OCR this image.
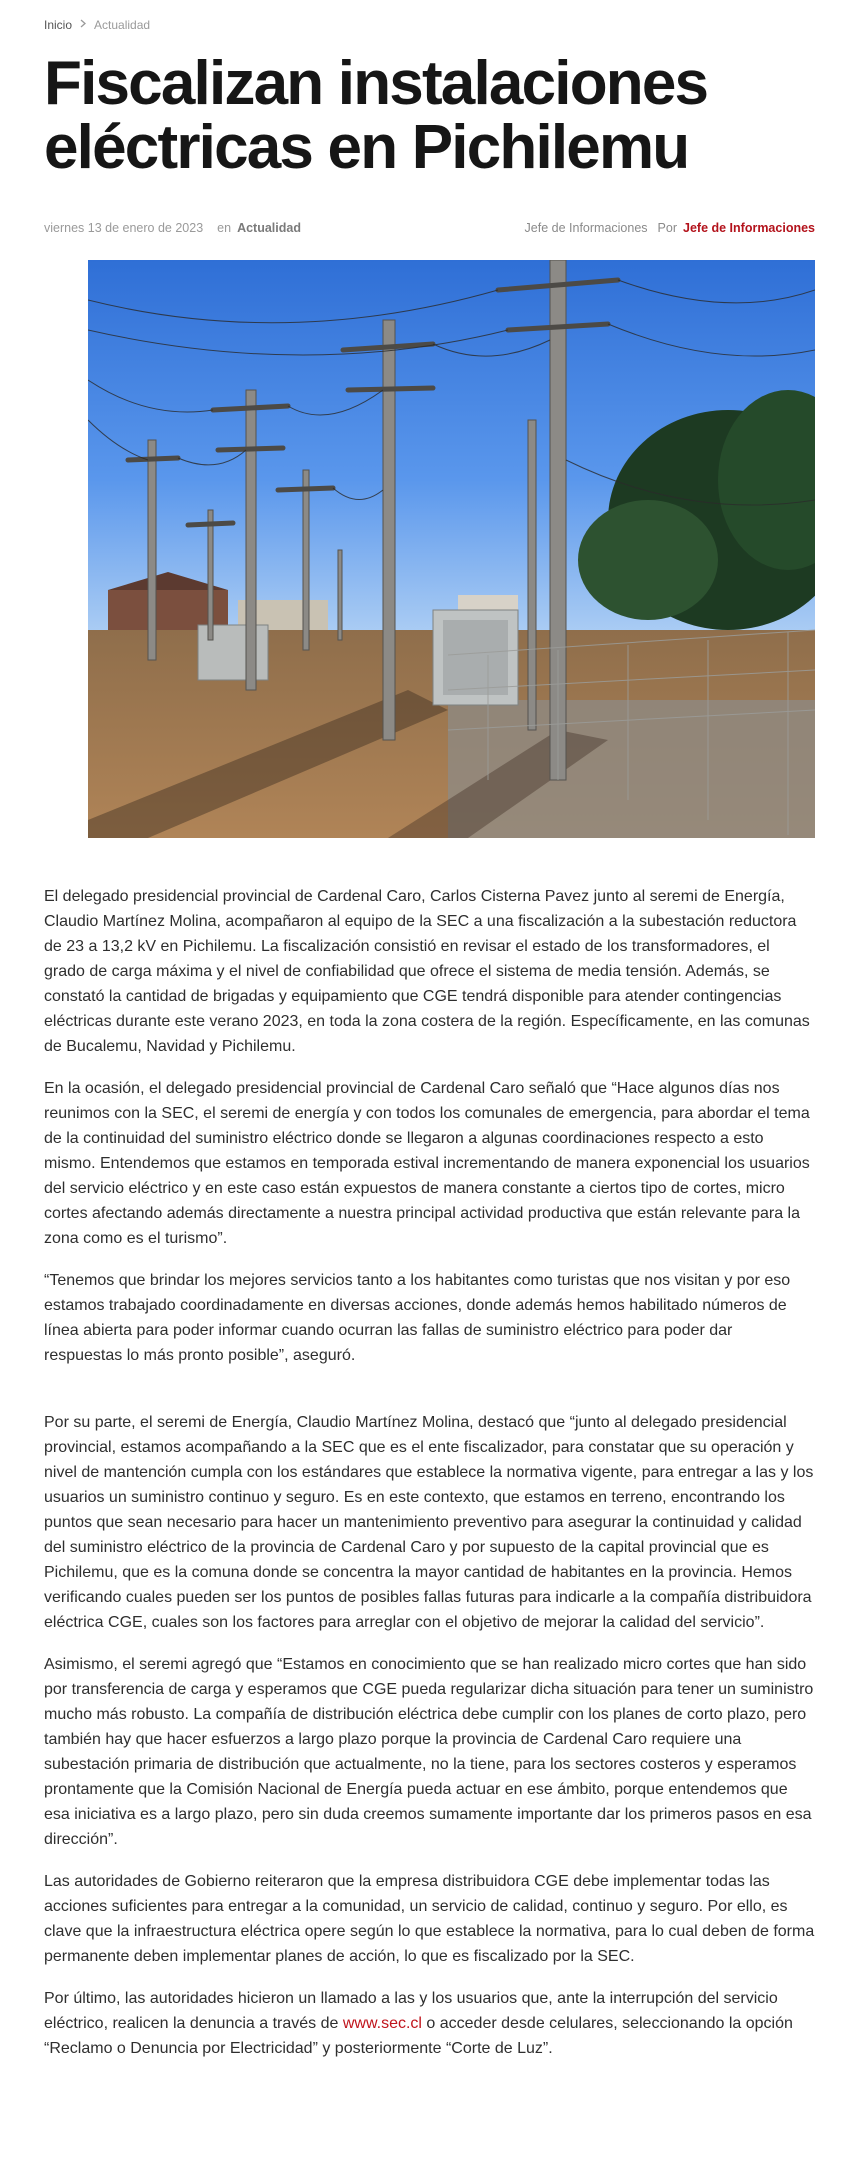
Inicio Actualidad
Fiscalizan instalaciones eléctricas en Pichilemu
viernes 13 de enero de 2023 en Actualidad	Jefe de Informaciones Por Jefe de Informaciones

El delegado presidencial provincial de Cardenal Caro, Carlos Cisterna Pavez junto al seremi de Energía, Claudio Martínez Molina, acompañaron al equipo de la SEC a una fiscalización a la subestación reductora de 23 a 13,2 kV en Pichilemu. La fiscalización consistió en revisar el estado de los transformadores, el grado de carga máxima y el nivel de confiabilidad que ofrece el sistema de media tensión. Además, se constató la cantidad de brigadas y equipamiento que CGE tendrá disponible para atender contingencias eléctricas durante este verano 2023, en toda la zona costera de la región. Específicamente, en las comunas de Bucalemu, Navidad y Pichilemu.

En la ocasión, el delegado presidencial provincial de Cardenal Caro señaló que “Hace algunos días nos reunimos con la SEC, el seremi de energía y con todos los comunales de emergencia, para abordar el tema de la continuidad del suministro eléctrico donde se llegaron a algunas coordinaciones respecto a esto mismo. Entendemos que estamos en temporada estival incrementando de manera exponencial los usuarios del servicio eléctrico y en este caso están expuestos de manera constante a ciertos tipo de cortes, micro cortes afectando además directamente a nuestra principal actividad productiva que están relevante para la zona como es el turismo”.

“Tenemos que brindar los mejores servicios tanto a los habitantes como turistas que nos visitan y por eso estamos trabajado coordinadamente en diversas acciones, donde además hemos habilitado números de línea abierta para poder informar cuando ocurran las fallas de suministro eléctrico para poder dar respuestas lo más pronto posible”, aseguró.

Por su parte, el seremi de Energía, Claudio Martínez Molina, destacó que “junto al delegado presidencial provincial, estamos acompañando a la SEC que es el ente fiscalizador, para constatar que su operación y nivel de mantención cumpla con los estándares que establece la normativa vigente, para entregar a las y los usuarios un suministro continuo y seguro. Es en este contexto, que estamos en terreno, encontrando los puntos que sean necesario para hacer un mantenimiento preventivo para asegurar la continuidad y calidad del suministro eléctrico de la provincia de Cardenal Caro y por supuesto de la capital provincial que es Pichilemu, que es la comuna donde se concentra la mayor cantidad de habitantes en la provincia. Hemos verificando cuales pueden ser los puntos de posibles fallas futuras para indicarle a la compañía distribuidora eléctrica CGE, cuales son los factores para arreglar con el objetivo de mejorar la calidad del servicio”.

Asimismo, el seremi agregó que “Estamos en conocimiento que se han realizado micro cortes que han sido por transferencia de carga y esperamos que CGE pueda regularizar dicha situación para tener un suministro mucho más robusto. La compañía de distribución eléctrica debe cumplir con los planes de corto plazo, pero también hay que hacer esfuerzos a largo plazo porque la provincia de Cardenal Caro requiere una subestación primaria de distribución que actualmente, no la tiene, para los sectores costeros y esperamos prontamente que la Comisión Nacional de Energía pueda actuar en ese ámbito, porque entendemos que esa iniciativa es a largo plazo, pero sin duda creemos sumamente importante dar los primeros pasos en esa dirección”.

Las autoridades de Gobierno reiteraron que la empresa distribuidora CGE debe implementar todas las acciones suficientes para entregar a la comunidad, un servicio de calidad, continuo y seguro. Por ello, es clave que la infraestructura eléctrica opere según lo que establece la normativa, para lo cual deben de forma permanente deben implementar planes de acción, lo que es fiscalizado por la SEC.

Por último, las autoridades hicieron un llamado a las y los usuarios que, ante la interrupción del servicio eléctrico, realicen la denuncia a través de www.sec.cl o acceder desde celulares, seleccionando la opción “Reclamo o Denuncia por Electricidad” y posteriormente “Corte de Luz”.
